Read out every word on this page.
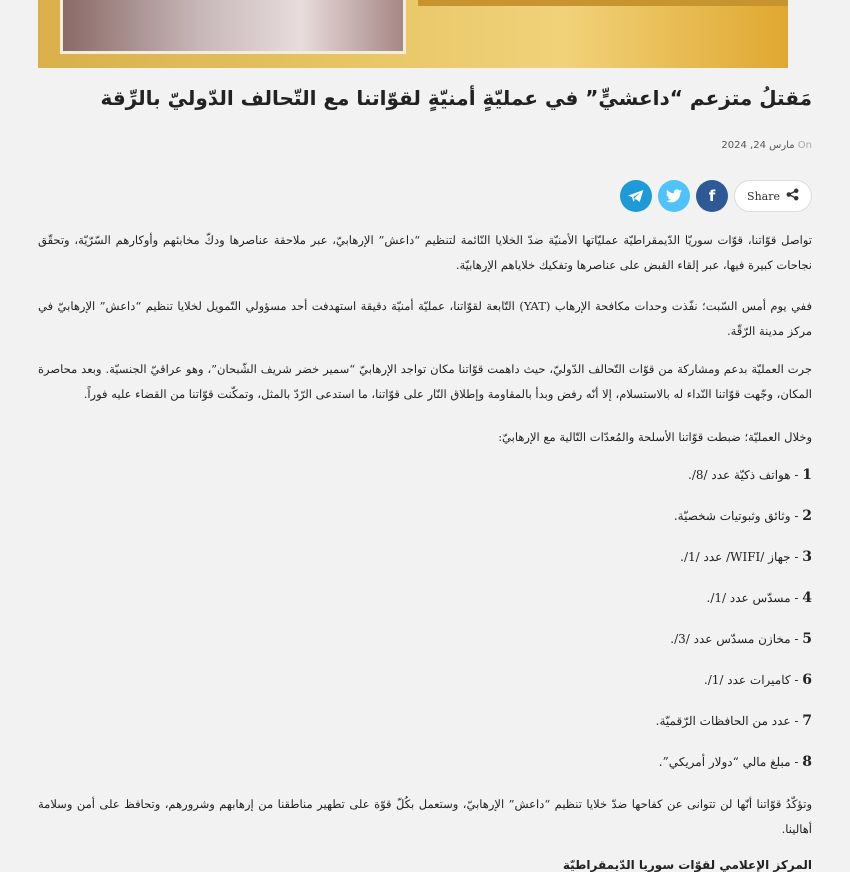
مَقتلُ متزعم “داعشيٍّ” في عمليّةٍ أمنيّةٍ لقوّاتنا مع التّحالف الدّوليّ بالرِّقة
مارس 24, 2024 On
Share
f

تواصل قوّاتنا، قوّات سوريّا الدّيمقراطيّة عمليّاتها الأمنيّة ضدّ الخلايا النّائمة لتنظيم “داعش” الإرهابيّ، عبر ملاحقة عناصرها ودكّ مخابئهم وأوكارهم السّرّيّة، وتحقّق نجاحات كبيرة فيها، عبر إلقاء القبض على عناصرها وتفكيك خلاياهم الإرهابيّة.

ففي يوم أمس السّبت؛ نفّذت وحدات مكافحة الإرهاب (YAT) التّابعة لقوّاتنا، عمليّة أمنيّة دقيقة استهدفت أحد مسؤولي التّمويل لخلايا تنظيم “داعش” الإرهابيّ في مركز مدينة الرّقّة.

جرت العمليّة بدعم ومشاركة من قوّات التّحالف الدّوليّ، حيث داهمت قوّاتنا مكان تواجد الإرهابيّ “سمير خضر شريف الشّبحان”، وهو عراقيّ الجنسيّة. وبعد محاصرة المكان، وجّهت قوّاتنا النّداء له بالاستسلام، إلا أنّه رفض وبدأ بالمقاومة وإطلاق النّار على قوّاتنا، ما استدعى الرّدّ بالمثل، وتمكّنت قوّاتنا من القضاء عليه فوراً.

وخلال العمليّة؛ ضبطت قوّاتنا الأسلحة والمُعدّات التّالية مع الإرهابيّ:

1 - هواتف ذكيّة عدد /8/.
2 - وثائق وثبوتيات شخصيّة.
3 - جهاز /WIFI/ عدد /1/.
4 - مسدّس عدد /1/.
5 - مخازن مسدّس عدد /3/.
6 - كاميرات عدد /1/.
7 - عدد من الحافظات الرّقميّة.
8 - مبلغ مالي “دولار أمريكي”.

وتؤكّدُ قوّاتنا أنّها لن تتوانى عن كفاحها ضدّ خلايا تنظيم “داعش” الإرهابيّ، وستعمل بكُلّ قوّة على تطهير مناطقنا من إرهابهم وشرورهم، وتحافظ على أمن وسلامة أهالينا.

المركز الإعلامي لقوّات سوريا الدّيمقراطيّة
